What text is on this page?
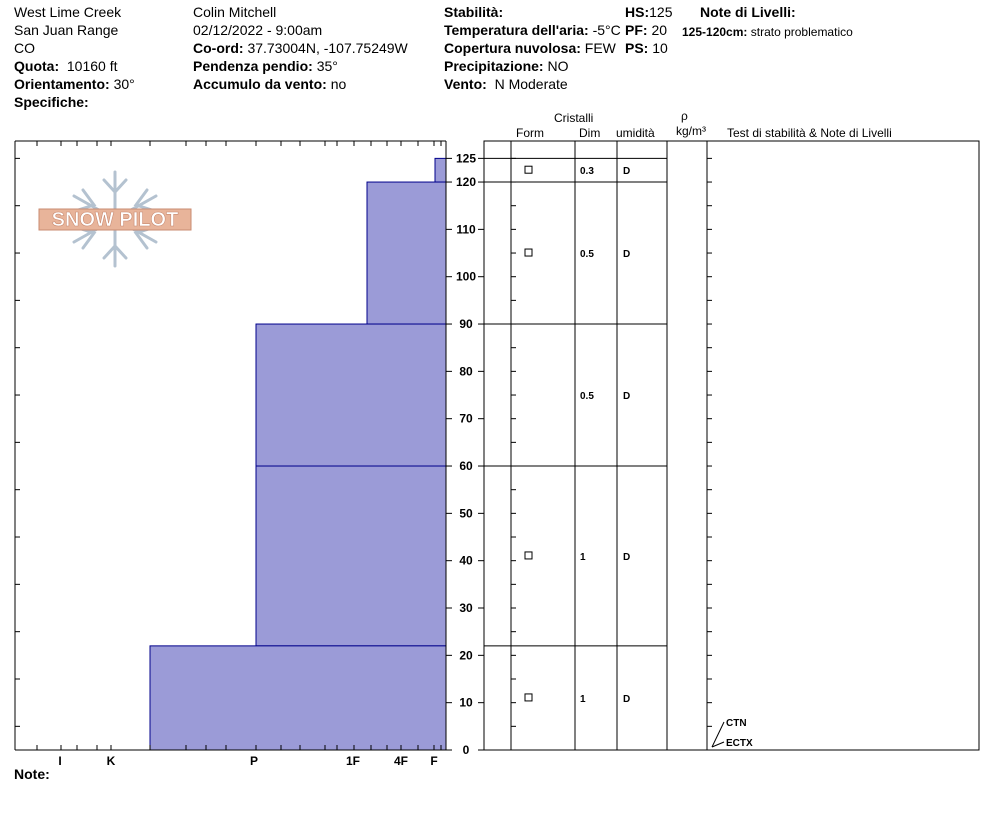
West Lime Creek
San Juan Range
CO
Quota: 10160 ft
Orientamento: 30°
Specifiche:
Colin Mitchell
02/12/2022 - 9:00am
Co-ord: 37.73004N, -107.75249W
Pendenza pendio: 35°
Accumulo da vento: no
Stabilità:
Temperatura dell'aria: -5°C
Copertura nuvolosa: FEW
Precipitazione: NO
Vento: N Moderate
HS:125
PF: 20
PS: 10
Note di Livelli:
125-120cm: strato problematico
Cristalli
Form	Dim umidità
ρ
kg/m³ Test di stabilità & Note di Livelli
Note:
SNOW PILOT
I	K	P	1F	4F F
0
10
20
30
40
50
60
70
80
90
100
110
120
125
0.3	D
0.5	D
0.5	D
1	D
1	D
CTN
ECTX
